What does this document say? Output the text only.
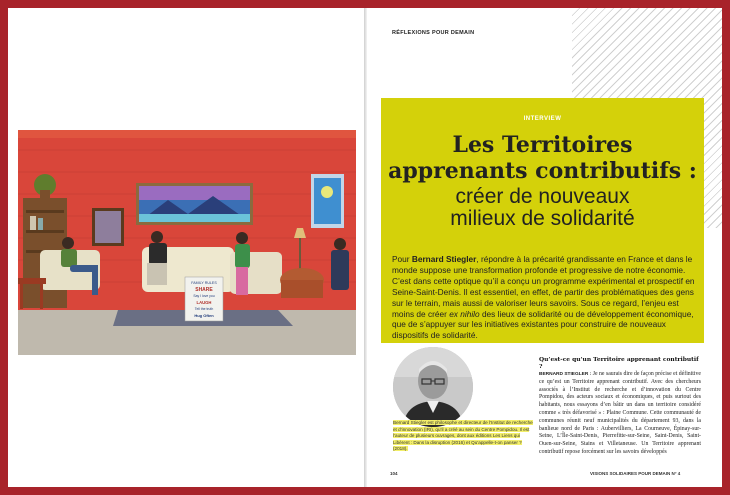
FAMILY RULES
SHARE
Say I love you
LAUGH
Tell the truth
Hug Often
RÉFLEXIONS POUR DEMAIN
INTERVIEW
Les Territoires
apprenants contributifs :
créer de nouveaux
milieux de solidarité
Pour Bernard Stiegler, répondre à la précarité grandissante en France et dans le monde suppose une transformation profonde et progressive de notre économie. C’est dans cette optique qu’il a conçu un programme expérimental et prospectif en Seine-Saint-Denis. Il est essentiel, en effet, de partir des problématiques des gens sur le terrain, mais aussi de valoriser leurs savoirs. Sous ce regard, l’enjeu est moins de créer ex nihilo des lieux de solidarité ou de développement économique, que de s’appuyer sur les initiatives existantes pour construire de nouveaux dispositifs de solidarité.
Bernard Stiegler est philosophe et directeur de l’Institut de recherche et d’innovation (IRI), qu’il a créé au sein du Centre Pompidou. Il est l’auteur de plusieurs ouvrages, dont aux éditions Les Liens qui Libèrent : Dans la disruption (2016) et Qu’appelle-t-on panser ? (2018).
Qu’est-ce qu’un Territoire apprenant contributif ?
BERNARD STIEGLER : Je ne saurais dire de façon précise et définitive ce qu’est un Territoire apprenant contributif. Avec des chercheurs associés à l’Institut de recherche et d’innovation du Centre Pompidou, des acteurs sociaux et économiques, et puis surtout des habitants, nous essayons d’en bâtir un dans un territoire considéré comme « très défavorisé » : Plaine Commune. Cette communauté de communes réunit neuf municipalités du département 93, dans la banlieue nord de Paris : Aubervilliers, La Courneuve, Épinay-sur-Seine, L’Île-Saint-Denis, Pierrefitte-sur-Seine, Saint-Denis, Saint-Ouen-sur-Seine, Stains et Villetaneuse. Un Territoire apprenant contributif repose forcément sur les savoirs développés
104	VISIONS SOLIDAIRES POUR DEMAIN N° 4
